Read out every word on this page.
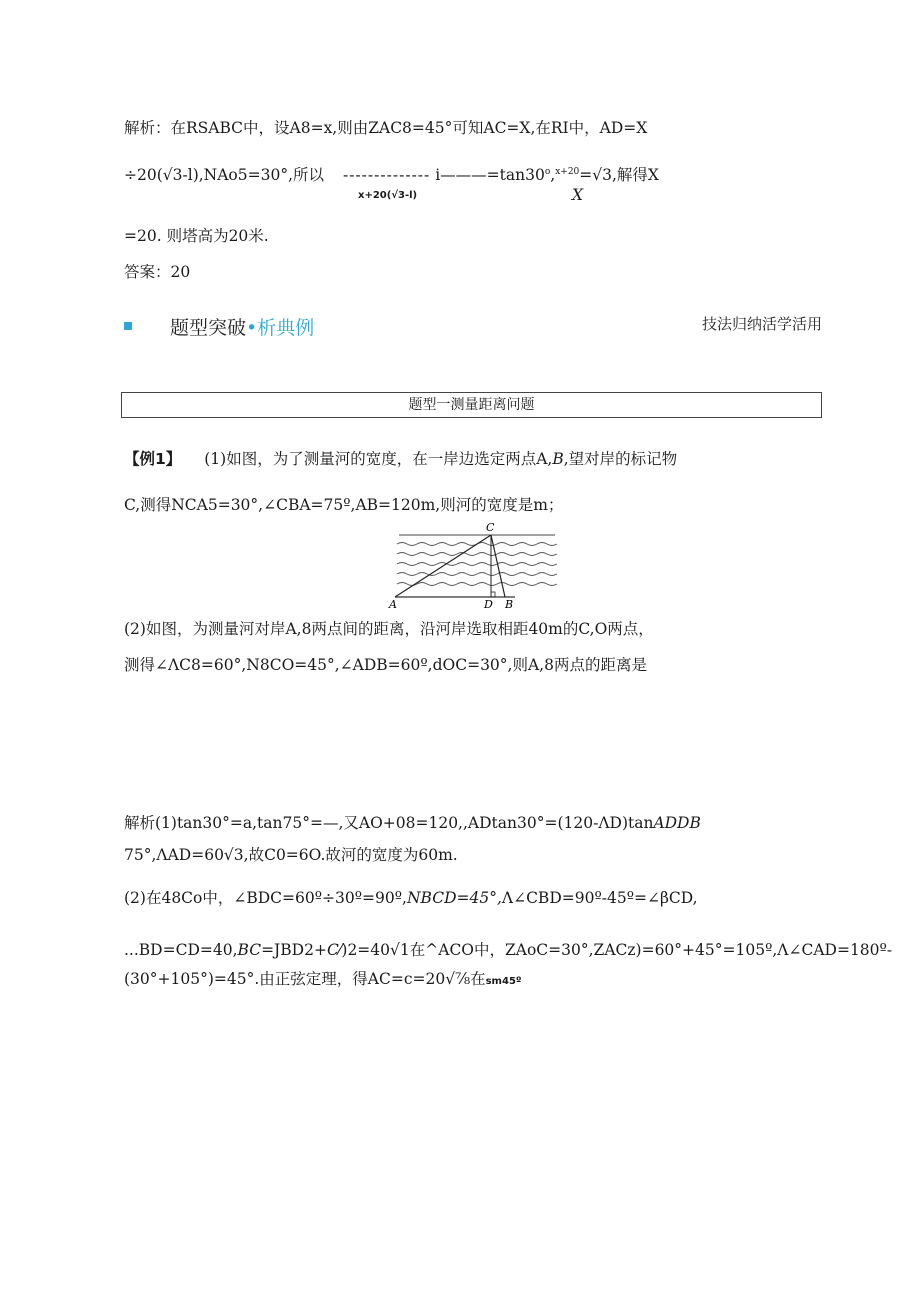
解析：在RSABC中，设A8=x,则由ZAC8=45°可知AC=X,在RI中，AD=X
÷20(√3-l),NAo5=30°,所以 -------------- $ⅰ———=\tan 30^o,^{x+20}=√3$,解得X
x+20(√3-l)	X
=20. 则塔高为20米.
答案：20
题型突破•析典例	技法归纳活学活用
题型一测量距离问题
【例1】 (1)如图，为了测量河的宽度，在一岸边选定两点A,B,望对岸的标记物
C,测得NCA5=30°,∠CBA=75º,AB=120m,则河的宽度是m；
C
A	D B
(2)如图，为测量河对岸A,8两点间的距离，沿河岸选取相距40m的C,O两点，
测得∠ΛC8=60°,N8CO=45°,∠ADB=60º,dOC=30°,则A,8两点的距离是
解析(1)tan30°=a,tan75°=—,又AO+08=120,,ADtan30°=(120-ΛD)tanADDB
75°,ΛAD=60√3,故C0=6O.故河的宽度为60m.
(2)在48Co中，∠BDC=60º÷30º=90º,NBCD=45°,Λ∠CBD=90º-45º=∠βCD,
...BD=CD=40,BC=JBD2+C⁄)2=40√1在^ACO中，ZAoC=30°,ZACz)=60°+45°=105º,Λ∠CAD=180º-
(30°+105°)=45°.由正弦定理，得AC=c=20√⅞在sm45º
